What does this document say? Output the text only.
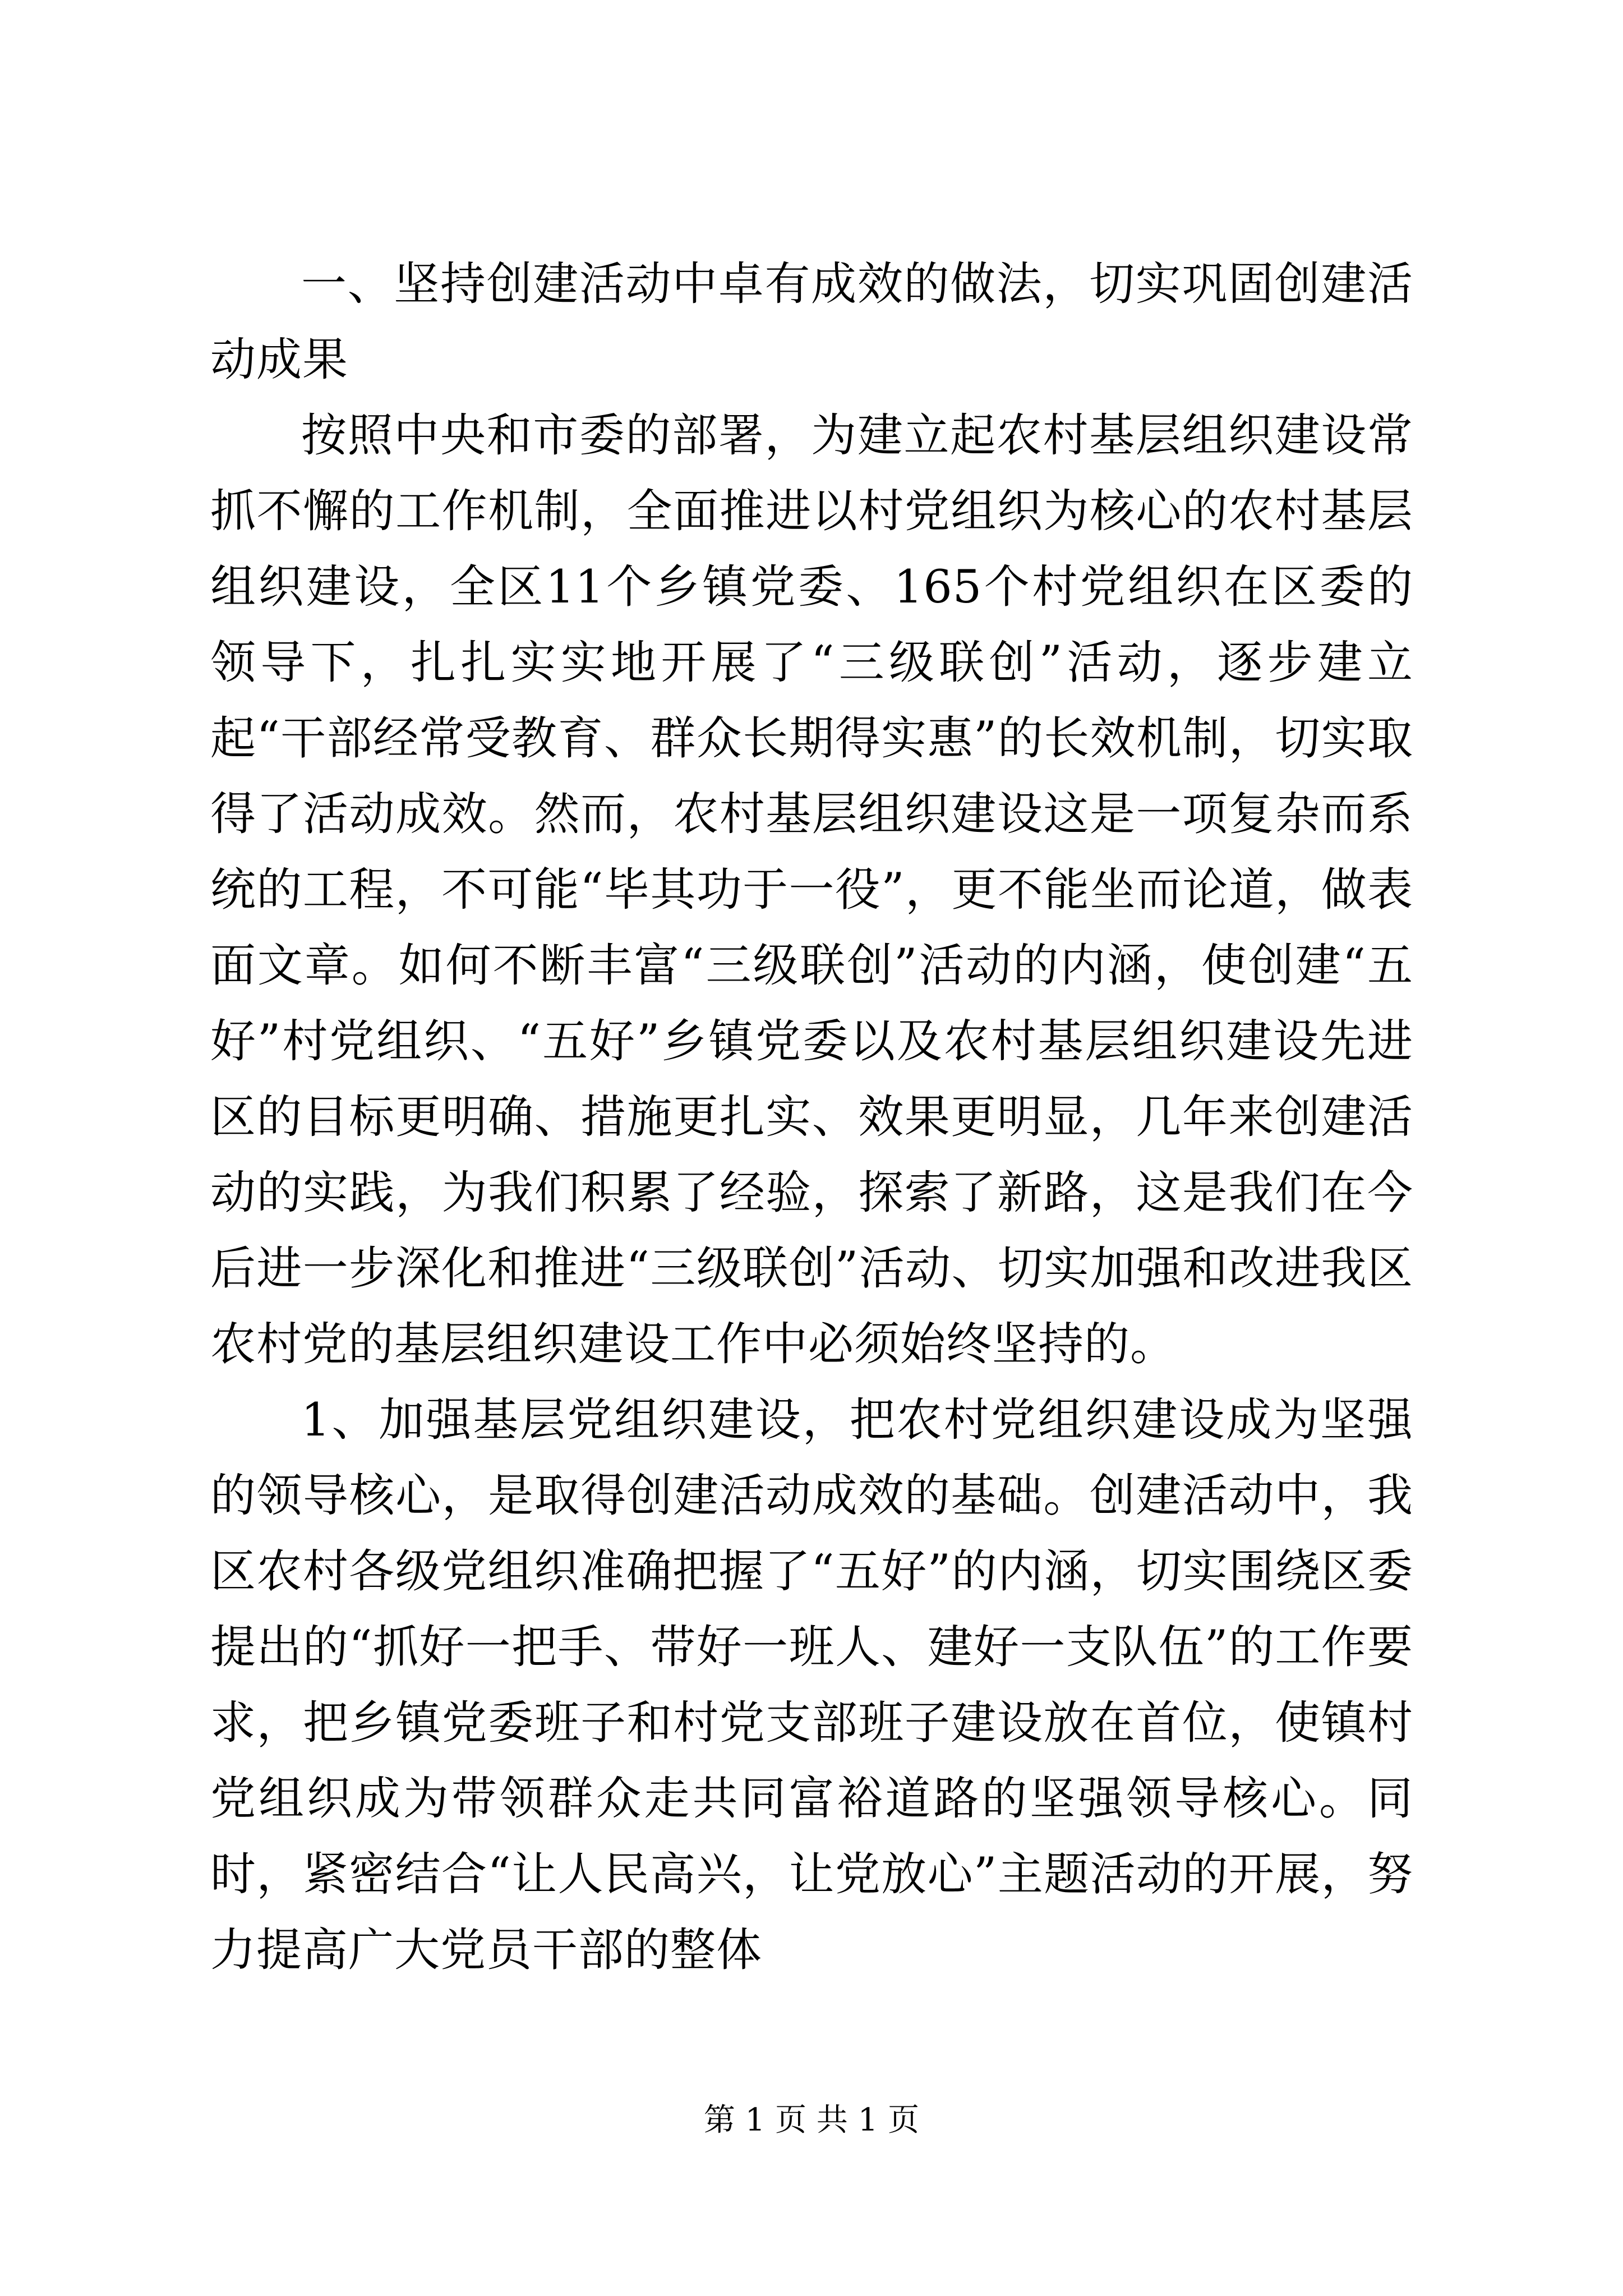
一、坚持创建活动中卓有成效的做法，切实巩固创建活动成果

按照中央和市委的部署，为建立起农村基层组织建设常抓不懈的工作机制，全面推进以村党组织为核心的农村基层组织建设，全区11个乡镇党委、165个村党组织在区委的领导下，扎扎实实地开展了“三级联创”活动，逐步建立起“干部经常受教育、群众长期得实惠”的长效机制，切实取得了活动成效。然而，农村基层组织建设这是一项复杂而系统的工程，不可能“毕其功于一役”，更不能坐而论道，做表面文章。如何不断丰富“三级联创”活动的内涵，使创建“五好”村党组织、“五好”乡镇党委以及农村基层组织建设先进区的目标更明确、措施更扎实、效果更明显，几年来创建活动的实践，为我们积累了经验，探索了新路，这是我们在今后进一步深化和推进“三级联创”活动、切实加强和改进我区农村党的基层组织建设工作中必须始终坚持的。

1、加强基层党组织建设，把农村党组织建设成为坚强的领导核心，是取得创建活动成效的基础。创建活动中，我区农村各级党组织准确把握了“五好”的内涵，切实围绕区委提出的“抓好一把手、带好一班人、建好一支队伍”的工作要求，把乡镇党委班子和村党支部班子建设放在首位，使镇村党组织成为带领群众走共同富裕道路的坚强领导核心。同时，紧密结合“让人民高兴，让党放心”主题活动的开展，努力提高广大党员干部的整体

第 1 页 共 1 页
